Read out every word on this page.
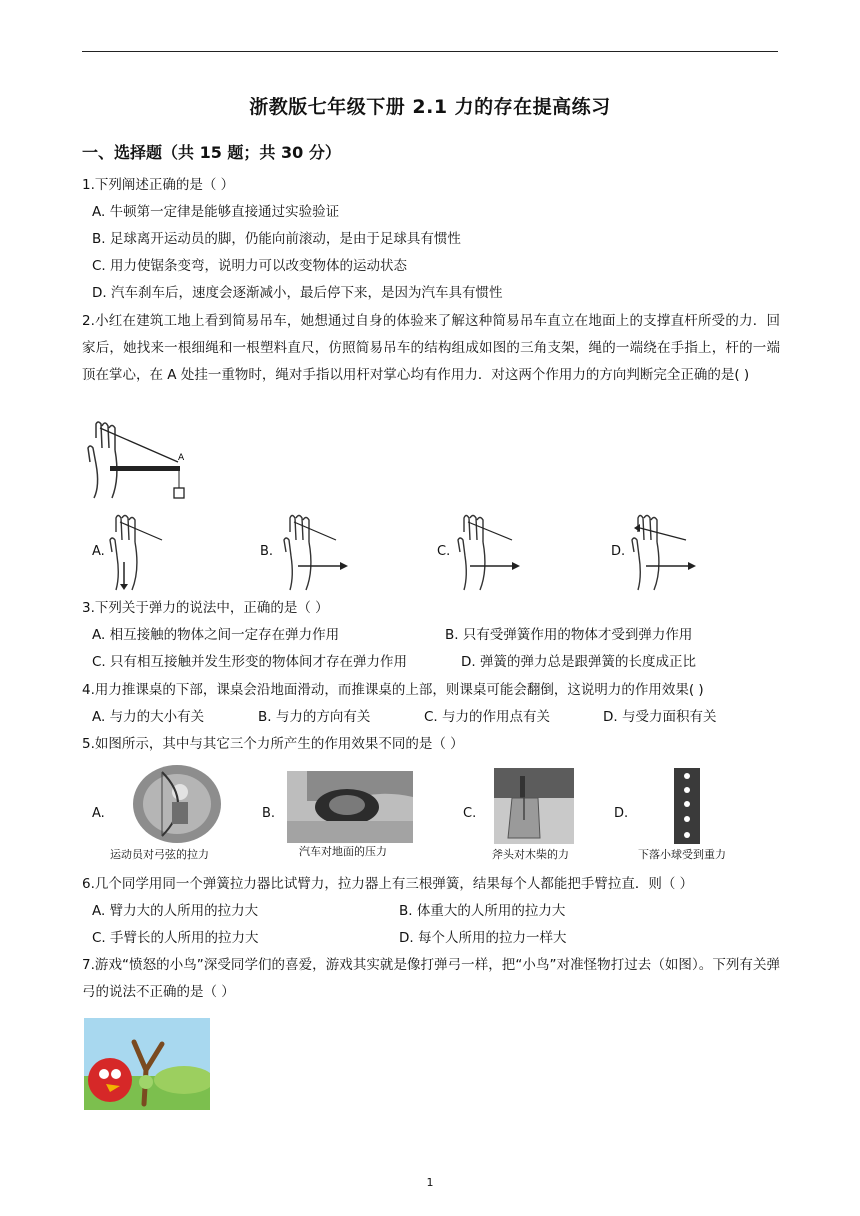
浙教版七年级下册 2.1 力的存在提高练习
一、选择题（共 15 题；共 30 分）
1.下列阐述正确的是（ ）
A. 牛顿第一定律是能够直接通过实验验证
B. 足球离开运动员的脚，仍能向前滚动，是由于足球具有惯性
C. 用力使锯条变弯，说明力可以改变物体的运动状态
D. 汽车刹车后，速度会逐渐减小，最后停下来，是因为汽车具有惯性
2.小红在建筑工地上看到简易吊车，她想通过自身的体验来了解这种简易吊车直立在地面上的支撑直杆所受的力．回家后，她找来一根细绳和一根塑料直尺，仿照简易吊车的结构组成如图的三角支架，绳的一端绕在手指上，杆的一端顶在掌心，在 A 处挂一重物时，绳对手指以用杆对掌心均有作用力．对这两个作用力的方向判断完全正确的是( )
A
A.	B.	C.	D.
3.下列关于弹力的说法中，正确的是（ ）
A. 相互接触的物体之间一定存在弹力作用	B. 只有受弹簧作用的物体才受到弹力作用
C. 只有相互接触并发生形变的物体间才存在弹力作用	D. 弹簧的弹力总是跟弹簧的长度成正比
4.用力推课桌的下部，课桌会沿地面滑动，而推课桌的上部，则课桌可能会翻倒，这说明力的作用效果( )
A. 与力的大小有关	B. 与力的方向有关	C. 与力的作用点有关	D. 与受力面积有关
5.如图所示，其中与其它三个力所产生的作用效果不同的是（ ）
A.
运动员对弓弦的拉力
B.
汽车对地面的压力
C.
斧头对木柴的力
D.
下落小球受到重力
6.几个同学用同一个弹簧拉力器比试臂力，拉力器上有三根弹簧，结果每个人都能把手臂拉直．则（ ）
A. 臂力大的人所用的拉力大	B. 体重大的人所用的拉力大
C. 手臂长的人所用的拉力大	D. 每个人所用的拉力一样大
7.游戏“愤怒的小鸟”深受同学们的喜爱，游戏其实就是像打弹弓一样，把“小鸟”对准怪物打过去（如图）。下列有关弹弓的说法不正确的是（ ）
1
